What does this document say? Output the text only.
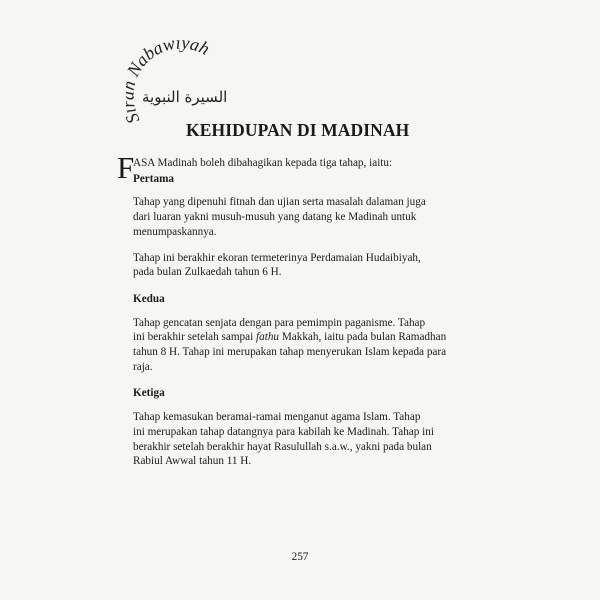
abawiyah
السيرة النبوية
KEHIDUPAN DI MADINAH

F
ASA Madinah boleh dibahagikan kepada tiga tahap, iaitu:

Pertama

Tahap yang dipenuhi fitnah dan ujian serta masalah dalaman juga
dari luaran yakni musuh-musuh yang datang ke Madinah untuk
menumpaskannya.

Tahap ini berakhir ekoran termeterinya Perdamaian Hudaibiyah,
pada bulan Zulkaedah tahun 6 H.

Kedua

Tahap gencatan senjata dengan para pemimpin paganisme. Tahap
ini berakhir setelah sampai fathu Makkah, iaitu pada bulan Ramadhan
tahun 8 H. Tahap ini merupakan tahap menyerukan Islam kepada para
raja.

Ketiga

Tahap kemasukan beramai-ramai menganut agama Islam. Tahap
ini merupakan tahap datangnya para kabilah ke Madinah. Tahap ini
berakhir setelah berakhir hayat Rasulullah s.a.w., yakni pada bulan
Rabiul Awwal tahun 11 H.

257
